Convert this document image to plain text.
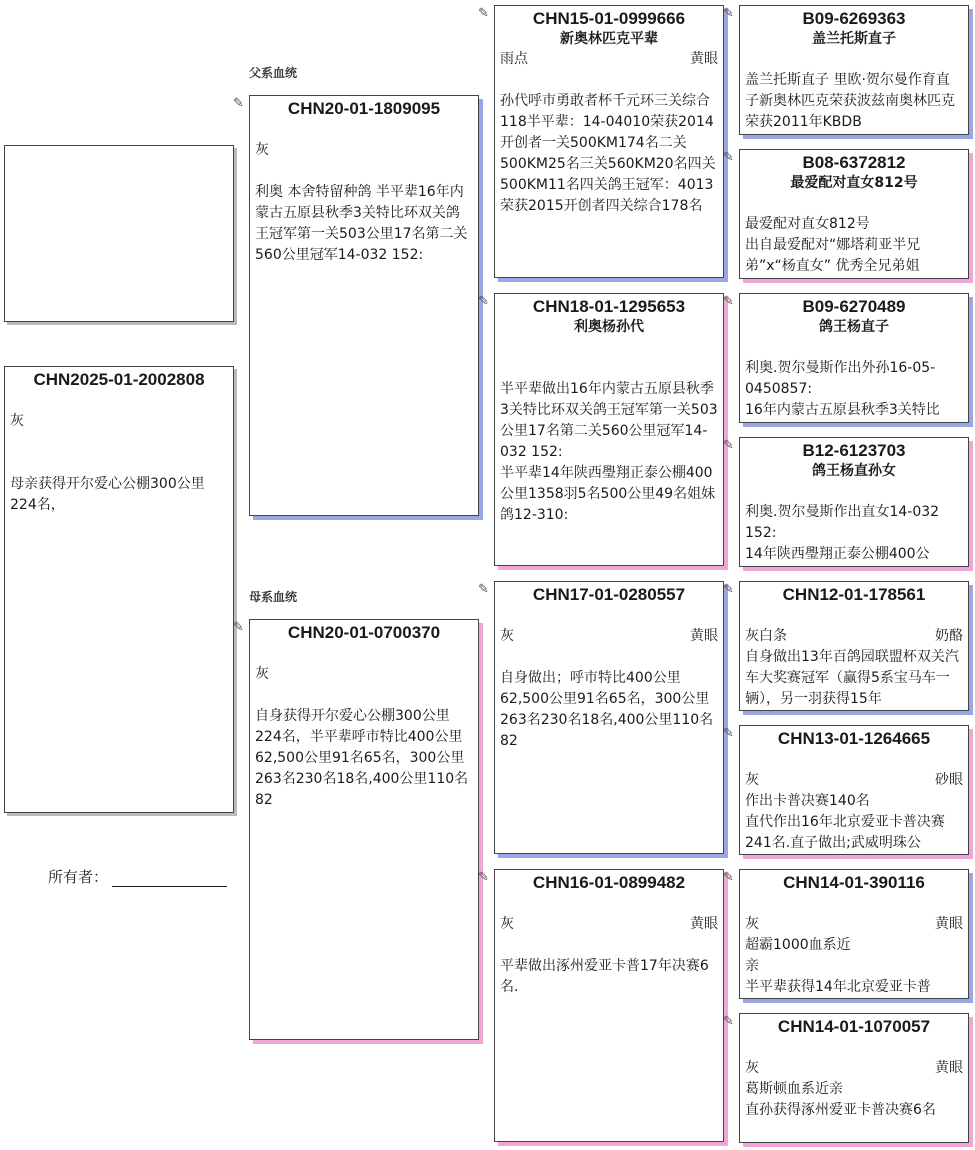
CHN2025-01-2002808
灰

母亲获得开尔爱心公棚300公里224名，

所有者：
父系血统
✎	CHN20-01-1809095
灰

利奥 本舍特留种鸽 半平辈16年内蒙古五原县秋季3关特比环双关鸽王冠军第一关503公里17名第二关560公里冠军14-032 152:

母系血统
✎	CHN20-01-0700370
灰

自身获得开尔爱心公棚300公里224名，半平辈呼市特比400公里62,500公里91名65名，300公里263名230名18名,400公里110名82

✎	CHN15-01-0999666
新奥林匹克平辈
雨点	黄眼

孙代呼市勇敢者杯千元环三关综合118半平辈：14-04010荣获2014开创者一关500KM174名二关

500KM25名三关560KM20名四关

500KM11名四关鸽王冠军：4013荣获2015开创者四关综合178名

✎	CHN18-01-1295653
利奥杨孙代

半平辈做出16年内蒙古五原县秋季3关特比环双关鸽王冠军第一关503公里17名第二关560公里冠军14-032 152:

半平辈14年陕西璺翔正泰公棚400公里1358羽5名500公里49名姐妹鸽12-310:

✎	CHN17-01-0280557
灰	黄眼

自身做出；呼市特比400公里62,500公里91名65名，300公里263名230名18名,400公里110名82

✎	CHN16-01-0899482
灰	黄眼

平辈做出涿州爱亚卡普17年决赛6名.

✎	B09-6269363
盖兰托斯直子

盖兰托斯直子 里欧·贺尔曼作育直子新奥林匹克荣获波兹南奥林匹克荣获2011年KBDB

✎	B08-6372812
最爱配对直女812号

最爱配对直女812号

出自最爱配对“娜塔莉亚半兄弟”x“杨直女” 优秀全兄弟姐

✎	B09-6270489
鸽王杨直子

利奥.贺尔曼斯作出外孙16-05-0450857:

16年内蒙古五原县秋季3关特比

✎	B12-6123703
鸽王杨直孙女

利奥.贺尔曼斯作出直女14-032 152:

14年陕西璺翔正泰公棚400公

✎	CHN12-01-178561
灰白条	奶酪

自身做出13年百鸽园联盟杯双关汽车大奖赛冠军（赢得5系宝马车一辆），另一羽获得15年

✎	CHN13-01-1264665
灰	砂眼

作出卡普决赛140名

直代作出16年北京爱亚卡普决赛241名.直子做出;武威明珠公

✎	CHN14-01-390116
灰	黄眼

超霸1000血系近

亲

半平辈获得14年北京爱亚卡普

✎	CHN14-01-1070057
灰	黄眼

葛斯顿血系近亲

直孙获得涿州爱亚卡普决赛6名
